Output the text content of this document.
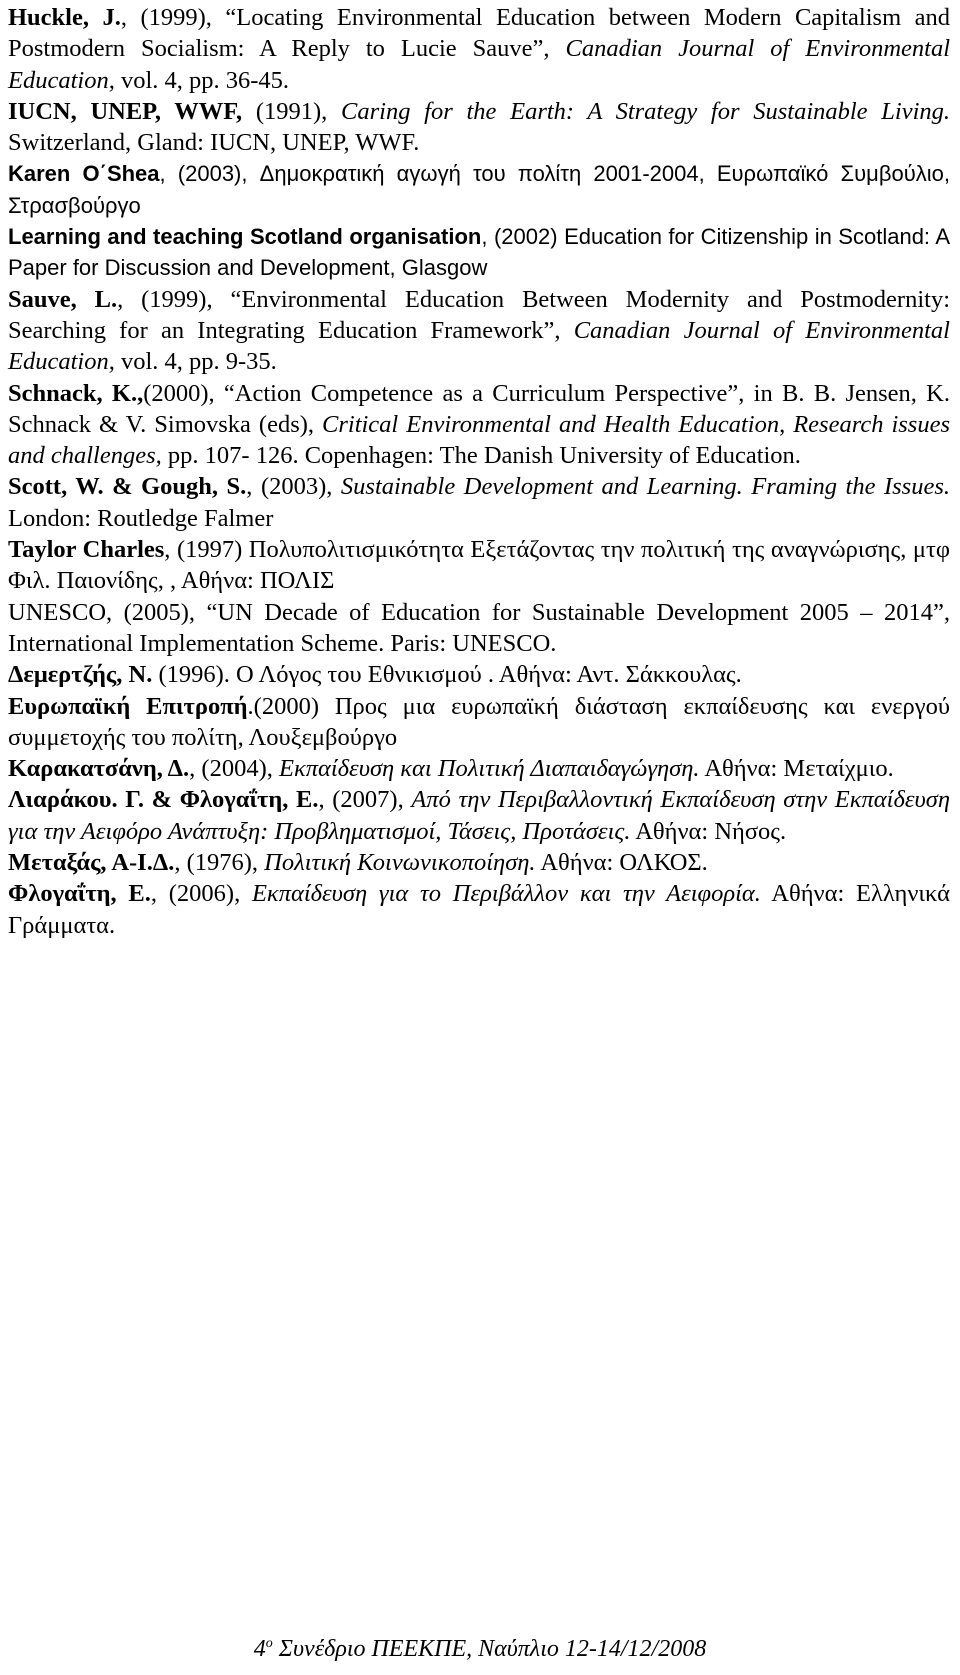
Huckle, J., (1999), “Locating Environmental Education between Modern Capitalism and Postmodern Socialism: A Reply to Lucie Sauve”, Canadian Journal of Environmental Education, vol. 4, pp. 36-45.

IUCN, UNEP, WWF, (1991), Caring for the Earth: A Strategy for Sustainable Living. Switzerland, Gland: IUCN, UNEP, WWF.

Karen O΄Shea, (2003), Δημοκρατική αγωγή του πολίτη 2001-2004, Ευρωπαϊκό Συμβούλιο, Στρασβούργο

Learning and teaching Scotland organisation, (2002) Education for Citizenship in Scotland: A Paper for Discussion and Development, Glasgow

Sauve, L., (1999), “Environmental Education Between Modernity and Postmodernity: Searching for an Integrating Education Framework”, Canadian Journal of Environmental Education, vol. 4, pp. 9-35.

Schnack, K.,(2000), “Action Competence as a Curriculum Perspective”, in B. B. Jensen, K. Schnack & V. Simovska (eds), Critical Environmental and Health Education, Research issues and challenges, pp. 107- 126. Copenhagen: The Danish University of Education.

Scott, W. & Gough, S., (2003), Sustainable Development and Learning. Framing the Issues. London: Routledge Falmer

Taylor Charles, (1997) Πολυπολιτισμικότητα Εξετάζοντας την πολιτική της αναγνώρισης, μτφ Φιλ. Παιονίδης, , Αθήνα: ΠΟΛΙΣ

UNESCO, (2005), “UN Decade of Education for Sustainable Development 2005 – 2014”, International Implementation Scheme. Paris: UNESCO.

Δεμερτζής, Ν. (1996). Ο Λόγος του Εθνικισμού . Αθήνα: Αντ. Σάκκουλας.

Ευρωπαϊκή Επιτροπή.(2000) Προς μια ευρωπαϊκή διάσταση εκπαίδευσης και ενεργού συμμετοχής του πολίτη, Λουξεμβούργο

Καρακατσάνη, Δ., (2004), Εκπαίδευση και Πολιτική Διαπαιδαγώγηση. Αθήνα: Μεταίχμιο.

Λιαράκου. Γ. & Φλογαΐτη, Ε., (2007), Από την Περιβαλλοντική Εκπαίδευση στην Εκπαίδευση για την Αειφόρο Ανάπτυξη: Προβληματισμοί, Τάσεις, Προτάσεις. Αθήνα: Νήσος.

Μεταξάς, Α-Ι.Δ., (1976), Πολιτική Κοινωνικοποίηση. Αθήνα: ΟΛΚΟΣ.

Φλογαΐτη, Ε., (2006), Εκπαίδευση για το Περιβάλλον και την Αειφορία. Αθήνα: Ελληνικά Γράμματα.

$4^o$ Συνέδριο ΠΕΕΚΠΕ, Ναύπλιο 12-14/12/2008
